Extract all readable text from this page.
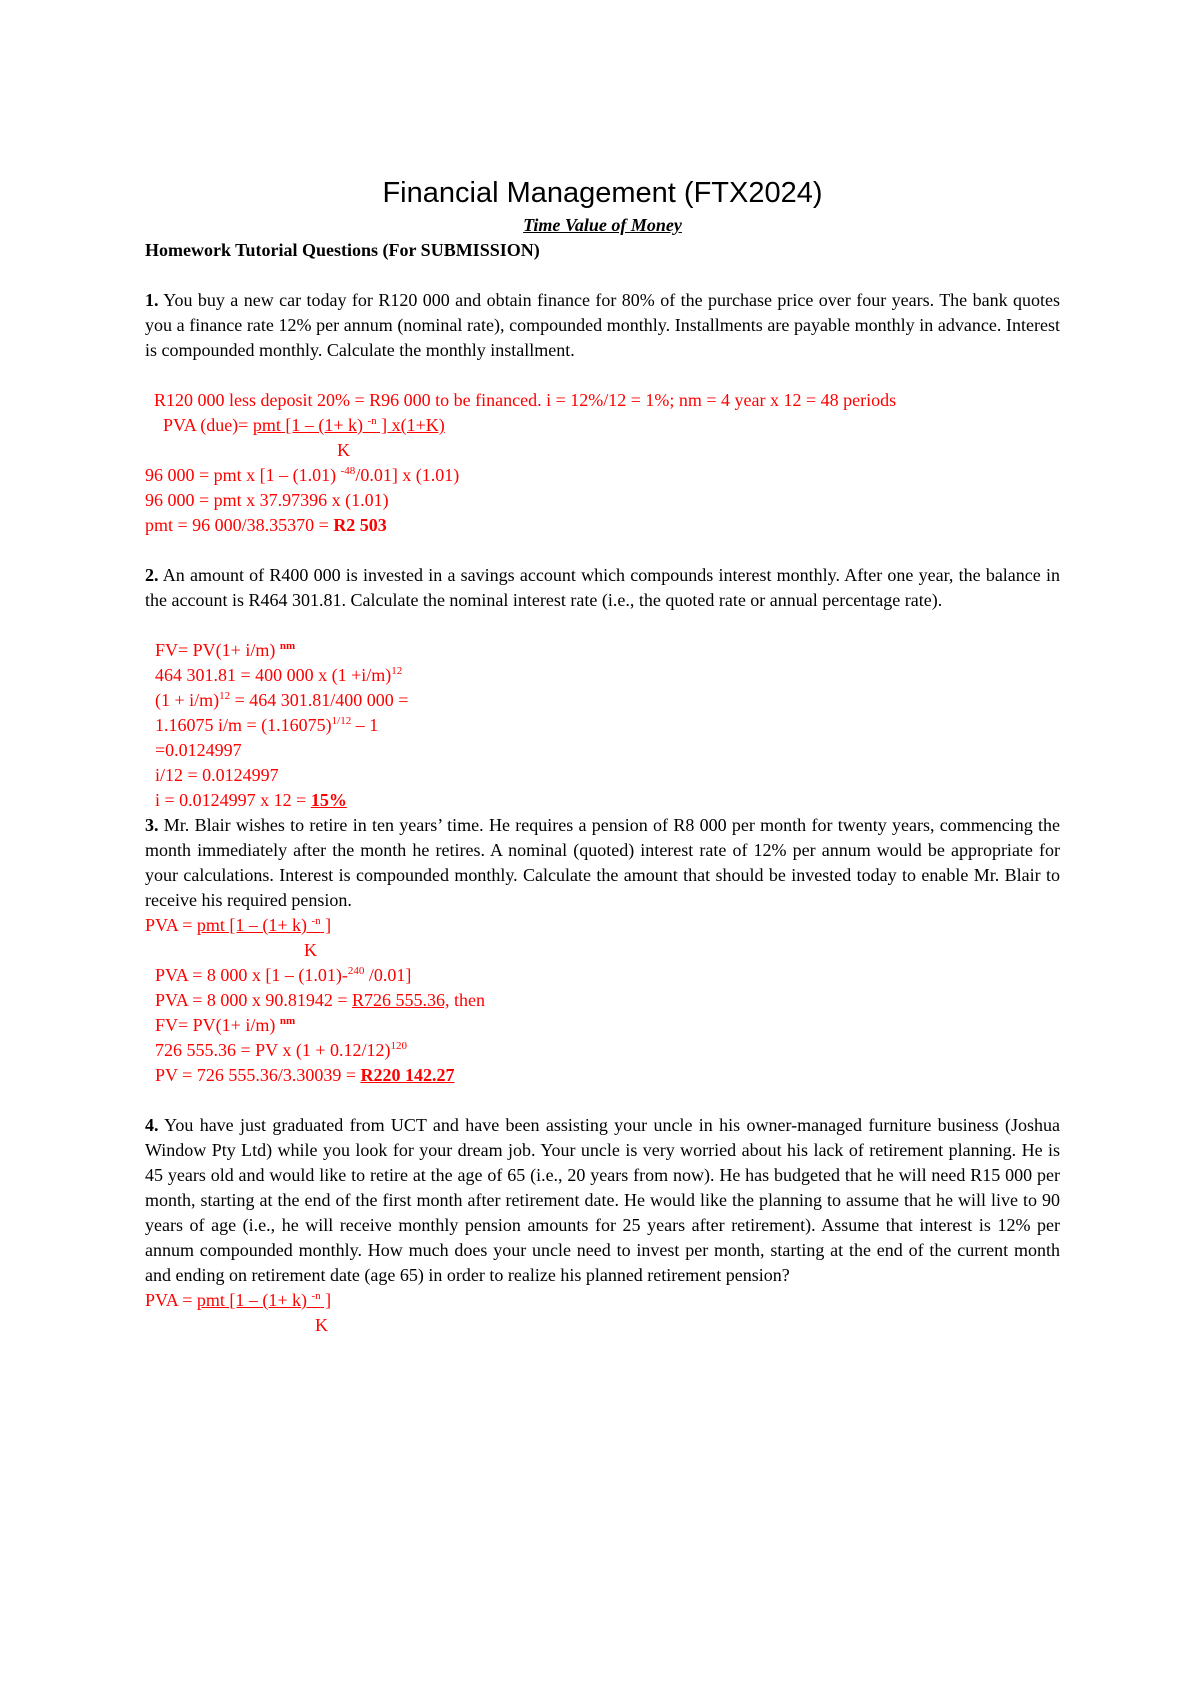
Financial Management (FTX2024)

Time Value of Money

Homework Tutorial Questions (For SUBMISSION)

1. You buy a new car today for R120 000 and obtain finance for 80% of the purchase price over four years. The bank quotes you a finance rate 12% per annum (nominal rate), compounded monthly. Installments are payable monthly in advance. Interest is compounded monthly. Calculate the monthly installment.

R120 000 less deposit 20% = R96 000 to be financed. i = 12%/12 = 1%; nm = 4 year x 12 = 48 periods

PVA (due)= pmt [1 – (1+ k) $^{-n}$ ] x(1+K)

K

96 000 = pmt x [1 – (1.01) $^{-48}$/0.01] x (1.01)

96 000 = pmt x 37.97396 x (1.01)

pmt = 96 000/38.35370 = R2 503

2. An amount of R400 000 is invested in a savings account which compounds interest monthly. After one year, the balance in the account is R464 301.81. Calculate the nominal interest rate (i.e., the quoted rate or annual percentage rate).

FV= PV(1+ i/m) $^{nm}$

464 301.81 = 400 000 x $(1 +i/m)^{12}$

$(1 + i/m)^{12} = 464$ 301.81/400 000 =

1.16075 $i/m = (1.16075)^{1/12} - 1$

=0.0124997

i/12 = 0.0124997

i = 0.0124997 x 12 = 15%

3. Mr. Blair wishes to retire in ten years’ time. He requires a pension of R8 000 per month for twenty years, commencing the month immediately after the month he retires. A nominal (quoted) interest rate of 12% per annum would be appropriate for your calculations. Interest is compounded monthly. Calculate the amount that should be invested today to enable Mr. Blair to receive his required pension.

PVA = pmt [1 – (1+ k) $^{-n}$ ]

K

PVA = 8 000 x [1 – (1.01)-$^{240}$ /0.01]

PVA = 8 000 x 90.81942 = R726 555.36, then

FV= PV(1+ i/m) $^{nm}$

726 555.36 = PV x $(1 + 0.12/12)^{120}$

PV = 726 555.36/3.30039 = R220 142.27

4. You have just graduated from UCT and have been assisting your uncle in his owner-managed furniture business (Joshua Window Pty Ltd) while you look for your dream job. Your uncle is very worried about his lack of retirement planning. He is 45 years old and would like to retire at the age of 65 (i.e., 20 years from now). He has budgeted that he will need R15 000 per month, starting at the end of the first month after retirement date. He would like the planning to assume that he will live to 90 years of age (i.e., he will receive monthly pension amounts for 25 years after retirement). Assume that interest is 12% per annum compounded monthly. How much does your uncle need to invest per month, starting at the end of the current month and ending on retirement date (age 65) in order to realize his planned retirement pension?

PVA = pmt [1 – (1+ k) $^{-n}$ ]

K
